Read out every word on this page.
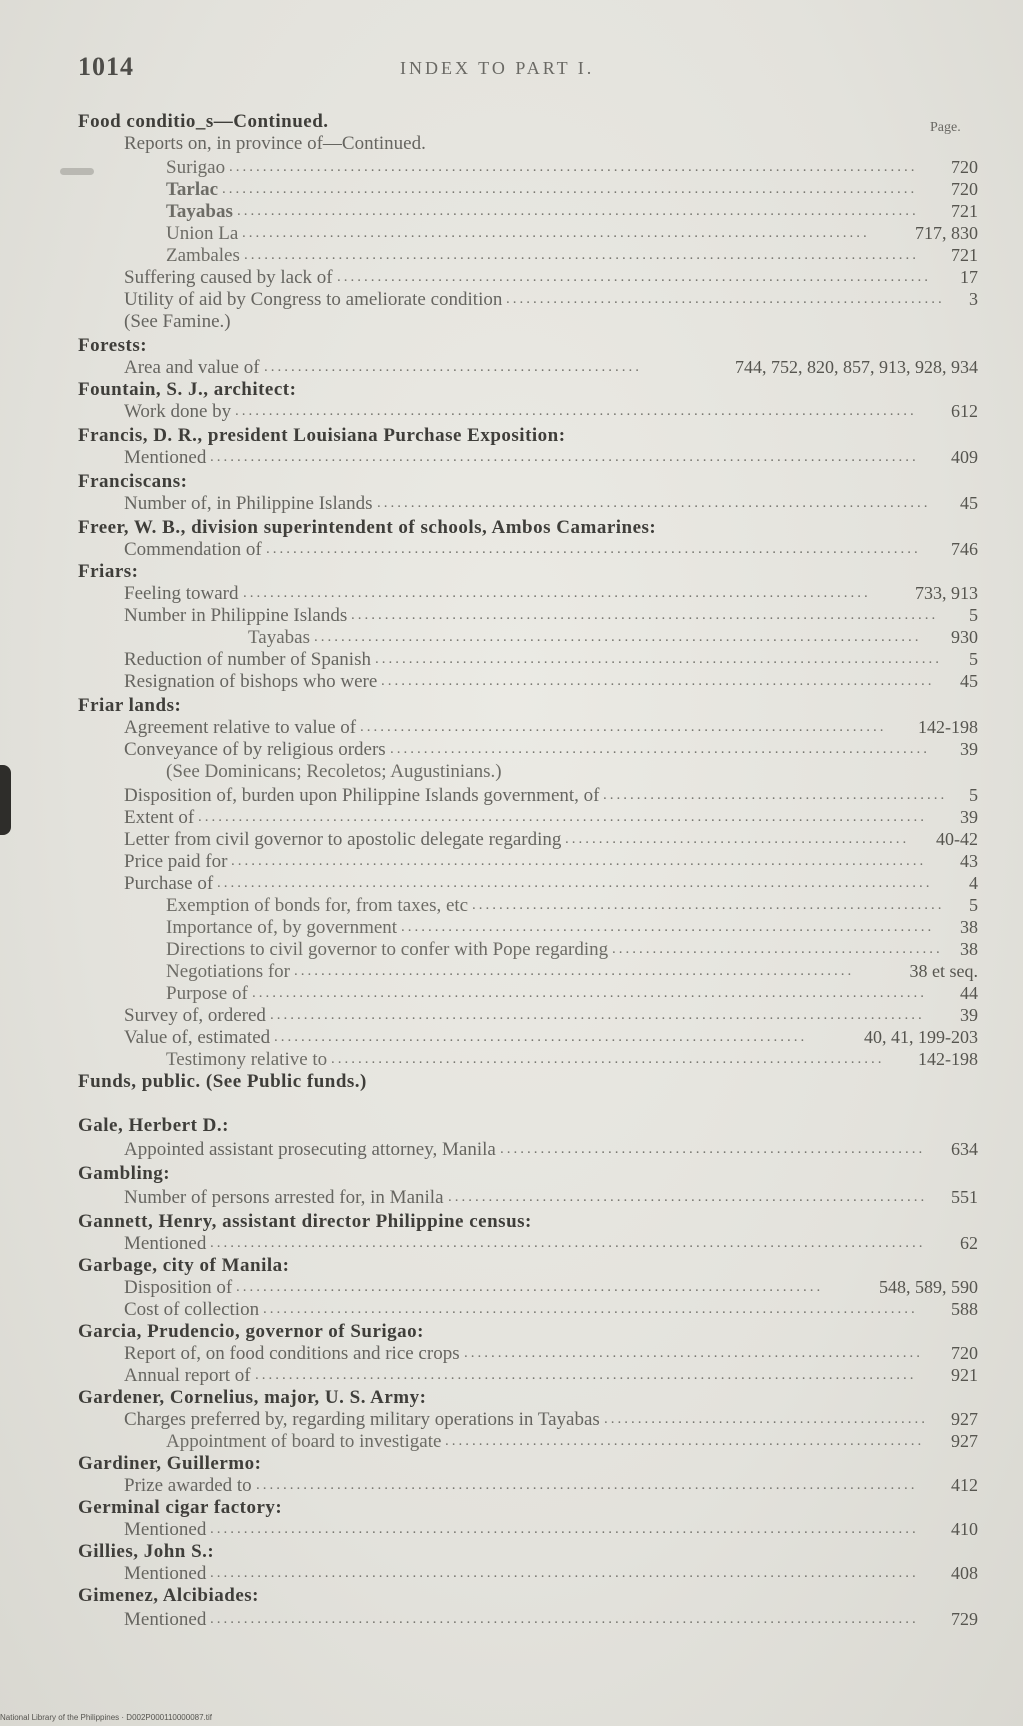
1014	INDEX TO PART I.
Page.
Food conditio_s—Continued.
Reports on, in province of—Continued.
Surigao	720
......................................................................................................
Tarlac	720
.......................................................................................................
Tayabas	721
.....................................................................................................
Union La	717, 830
.............................................................................................
Zambales	721
....................................................................................................
Suffering caused by lack of	17
........................................................................................
Utility of aid by Congress to ameliorate condition	3
.................................................................
(See Famine.)
Forests:
Area and value of	744, 752, 820, 857, 913, 928, 934
........................................................
Fountain, S. J., architect:
Work done by	612
.....................................................................................................
Francis, D. R., president Louisiana Purchase Exposition:
Mentioned	409
.........................................................................................................
Franciscans:
Number of, in Philippine Islands	45
..................................................................................
Freer, W. B., division superintendent of schools, Ambos Camarines:
Commendation of	746
.................................................................................................
Friars:
Feeling toward	733, 913
.............................................................................................
Number in Philippine Islands	5
.......................................................................................
Tayabas	930
..........................................................................................
Reduction of number of Spanish	5
....................................................................................
Resignation of bishops who were	45
..................................................................................
Friar lands:
Agreement relative to value of	142-198
..............................................................................
Conveyance of by religious orders	39
................................................................................
(See Dominicans; Recoletos; Augustinians.)
Disposition of, burden upon Philippine Islands government, of	5
...................................................
Extent of	39
............................................................................................................
Letter from civil governor to apostolic delegate regarding	40-42
...................................................
Price paid for	43
.......................................................................................................
Purchase of	4
..........................................................................................................
Exemption of bonds for, from taxes, etc	5
......................................................................
Importance of, by government	38
...............................................................................
Directions to civil governor to confer with Pope regarding	38
.................................................
Negotiations for	38 et seq.
...................................................................................
Purpose of	44
....................................................................................................
Survey of, ordered	39
.................................................................................................
Value of, estimated	40, 41, 199-203
...............................................................................
Testimony relative to	142-198
..................................................................................
Funds, public. (See Public funds.)
Gale, Herbert D.:
Appointed assistant prosecuting attorney, Manila	634
...............................................................
Gambling:
Number of persons arrested for, in Manila	551
.......................................................................
Gannett, Henry, assistant director Philippine census:
Mentioned	62
..........................................................................................................
Garbage, city of Manila:
Disposition of	548, 589, 590
.......................................................................................
Cost of collection	588
.................................................................................................
Garcia, Prudencio, governor of Surigao:
Report of, on food conditions and rice crops	720
....................................................................
Annual report of	921
..................................................................................................
Gardener, Cornelius, major, U. S. Army:
Charges preferred by, regarding military operations in Tayabas	927
................................................
Appointment of board to investigate	927
.......................................................................
Gardiner, Guillermo:
Prize awarded to	412
..................................................................................................
Germinal cigar factory:
Mentioned	410
.........................................................................................................
Gillies, John S.:
Mentioned	408
.........................................................................................................
Gimenez, Alcibiades:
Mentioned	729
.........................................................................................................
National Library of the Philippines · D002P000110000087.tif
